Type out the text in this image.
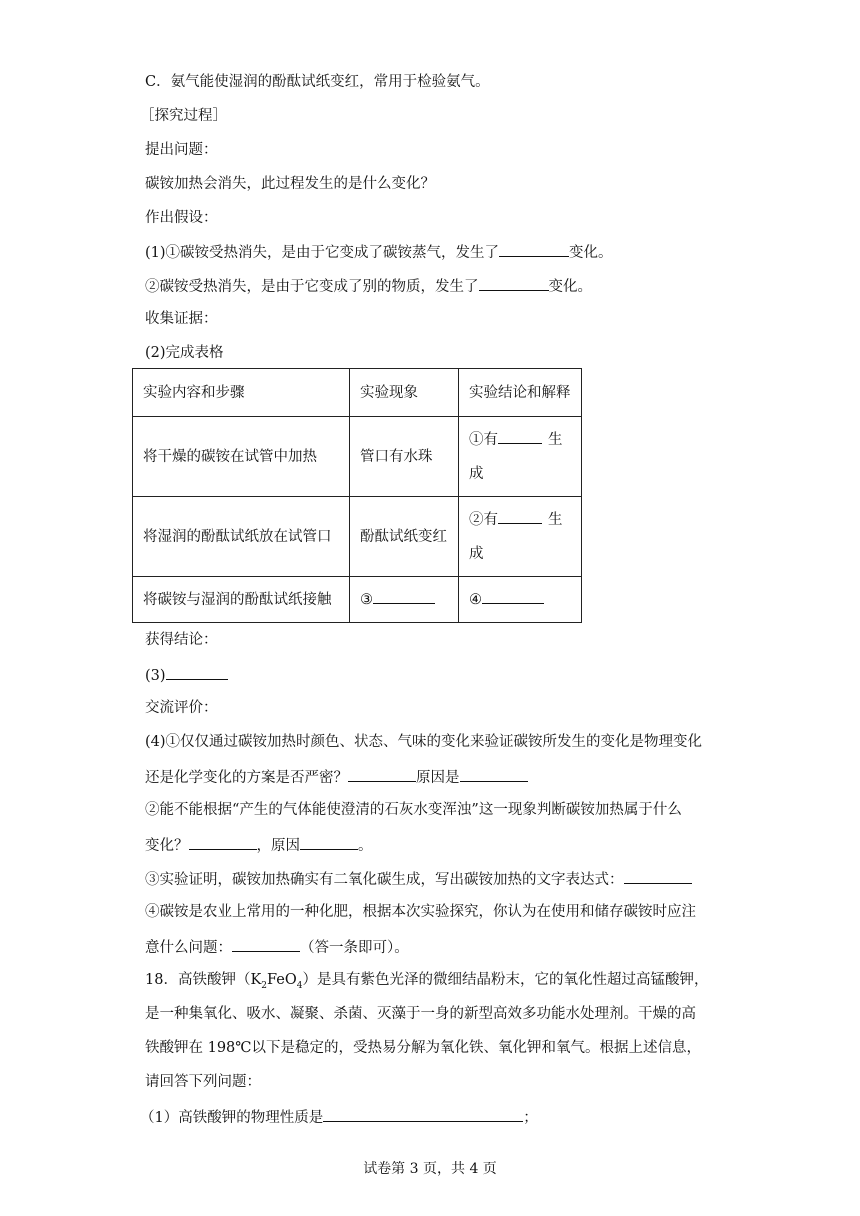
C．氨气能使湿润的酚酞试纸变红，常用于检验氨气。
［探究过程］
提出问题：
碳铵加热会消失，此过程发生的是什么变化？
作出假设：
(1)①碳铵受热消失，是由于它变成了碳铵蒸气，发生了	变化。
②碳铵受热消失，是由于它变成了别的物质，发生了	变化。
收集证据：
(2)完成表格
实验内容和步骤	实验现象	实验结论和解释
将干燥的碳铵在试管中加热	管口有水珠	①有 生
成

将湿润的酚酞试纸放在试管口	酚酞试纸变红	②有 生
成

将碳铵与湿润的酚酞试纸接触	③	④
获得结论：
(3)
交流评价：
(4)①仅仅通过碳铵加热时颜色、状态、气味的变化来验证碳铵所发生的变化是物理变化
还是化学变化的方案是否严密？	原因是
②能不能根据“产生的气体能使澄清的石灰水变浑浊”这一现象判断碳铵加热属于什么
变化？	，原因	。
③实验证明，碳铵加热确实有二氧化碳生成，写出碳铵加热的文字表达式：
④碳铵是农业上常用的一种化肥，根据本次实验探究，你认为在使用和储存碳铵时应注
意什么问题：	（答一条即可）。
18．高铁酸钾$(K_2FeO_4)$是具有紫色光泽的微细结晶粉末，它的氧化性超过高锰酸钾，
是一种集氧化、吸水、凝聚、杀菌、灭藻于一身的新型高效多功能水处理剂。干燥的高
铁酸钾在 198℃以下是稳定的，受热易分解为氧化铁、氧化钾和氧气。根据上述信息，
请回答下列问题：
（1）高铁酸钾的物理性质是	；
试卷第 3 页，共 4 页
